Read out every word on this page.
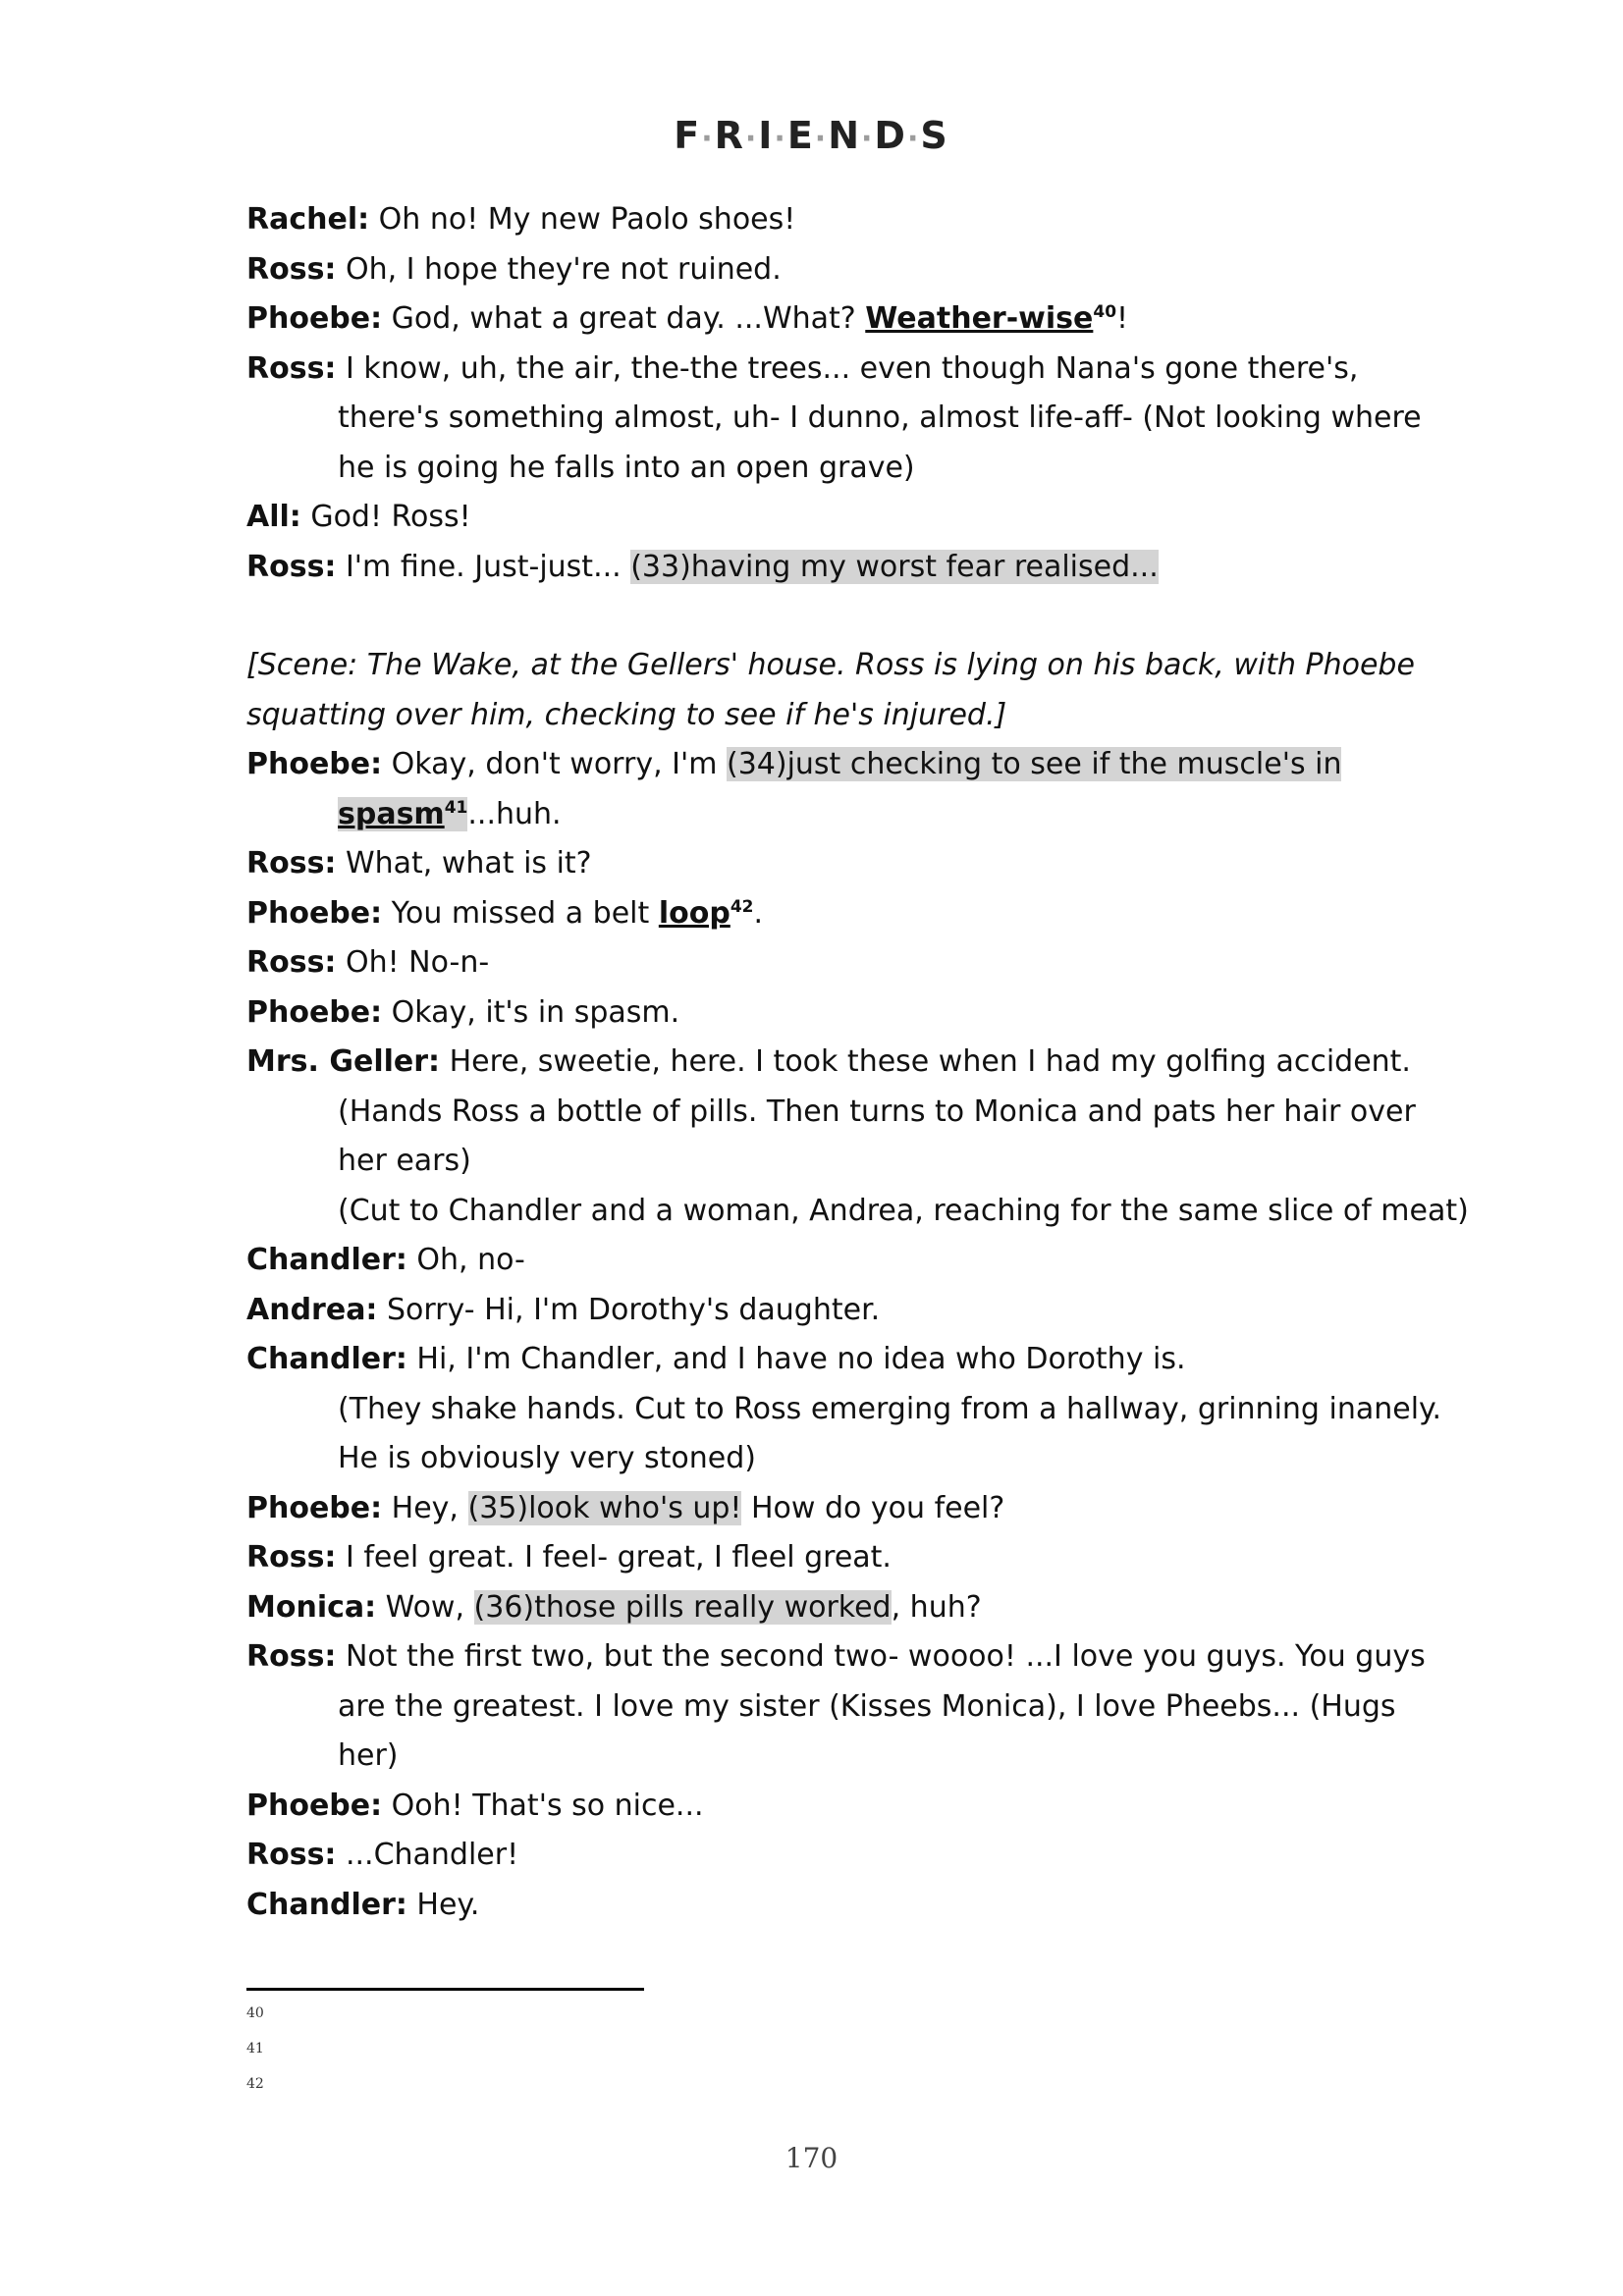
F·R·I·E·N·D·S
Rachel: Oh no! My new Paolo shoes!
Ross: Oh, I hope they're not ruined.
Phoebe: God, what a great day. ...What? Weather-wise$^{40}$!
Ross: I know, uh, the air, the-the trees... even though Nana's gone there's,
there's something almost, uh- I dunno, almost life-aff- (Not looking where
he is going he falls into an open grave)
All: God! Ross!
Ross: I'm fine. Just-just... (33)having my worst fear realised...
[Scene: The Wake, at the Gellers' house. Ross is lying on his back, with Phoebe
squatting over him, checking to see if he's injured.]
Phoebe: Okay, don't worry, I'm (34)just checking to see if the muscle's in
spasm$^{41}$...huh.
Ross: What, what is it?
Phoebe: You missed a belt loop$^{42}$.
Ross: Oh! No-n-
Phoebe: Okay, it's in spasm.
Mrs. Geller: Here, sweetie, here. I took these when I had my golfing accident.
(Hands Ross a bottle of pills. Then turns to Monica and pats her hair over
her ears)
(Cut to Chandler and a woman, Andrea, reaching for the same slice of meat)
Chandler: Oh, no-
Andrea: Sorry- Hi, I'm Dorothy's daughter.
Chandler: Hi, I'm Chandler, and I have no idea who Dorothy is.
(They shake hands. Cut to Ross emerging from a hallway, grinning inanely.
He is obviously very stoned)
Phoebe: Hey, (35)look who's up! How do you feel?
Ross: I feel great. I feel- great, I fleel great.
Monica: Wow, (36)those pills really worked, huh?
Ross: Not the first two, but the second two- woooo! ...I love you guys. You guys
are the greatest. I love my sister (Kisses Monica), I love Pheebs... (Hugs
her)
Phoebe: Ooh! That's so nice...
Ross: ...Chandler!
Chandler: Hey.
40
41
42
170
